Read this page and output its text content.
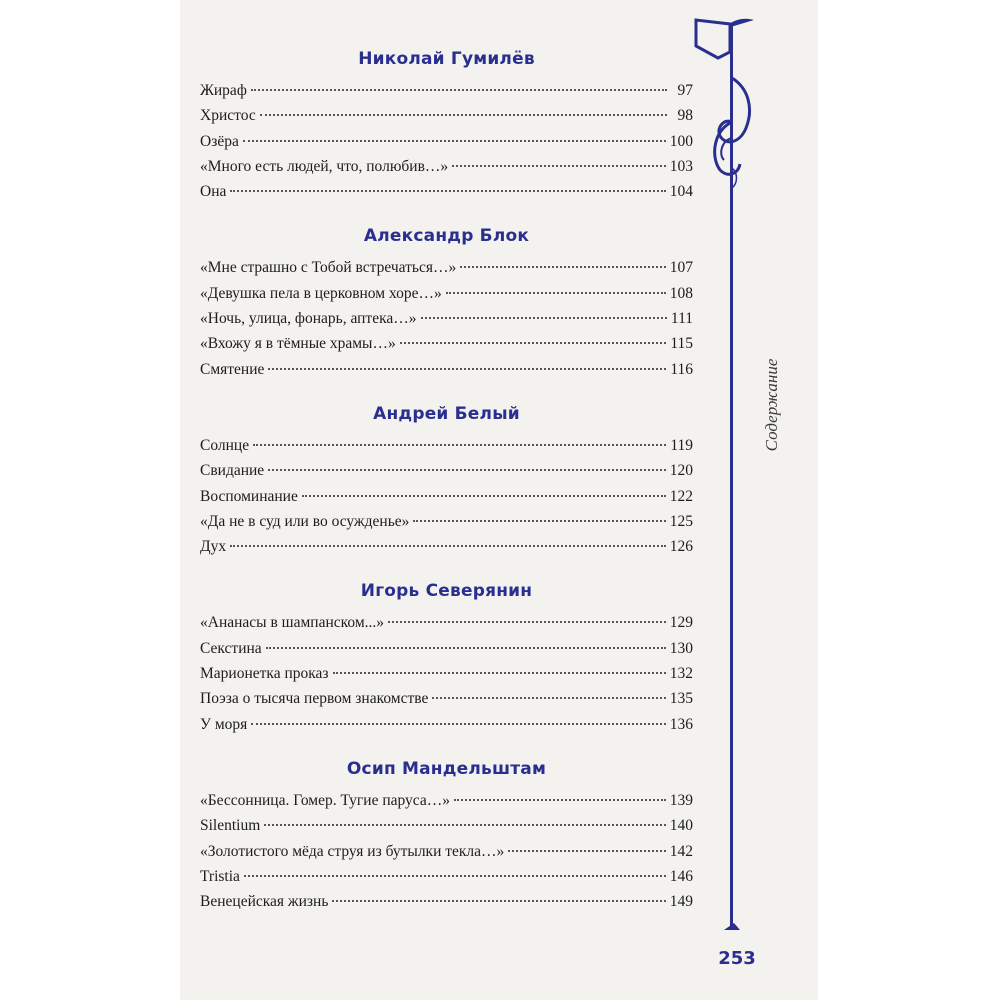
Николай Гумилёв
Жираф	97
Христос	98
Озёра	100
«Много есть людей, что, полюбив…»	103
Она	104
Александр Блок
«Мне страшно с Тобой встречаться…»	107
«Девушка пела в церковном хоре…»	108
«Ночь, улица, фонарь, аптека…»	111
«Вхожу я в тёмные храмы…»	115
Смятение	116
Андрей Белый
Солнце	119
Свидание	120
Воспоминание	122
«Да не в суд или во осужденье»	125
Дух	126
Игорь Северянин
«Ананасы в шампанском...»	129
Секстина	130
Марионетка проказ	132
Поэза о тысяча первом знакомстве	135
У моря	136
Осип Мандельштам
«Бессонница. Гомер. Тугие паруса…»	139
Silentium	140
«Золотистого мёда струя из бутылки текла…»	142
Tristia	146
Венецейская жизнь	149
Содержание
253
